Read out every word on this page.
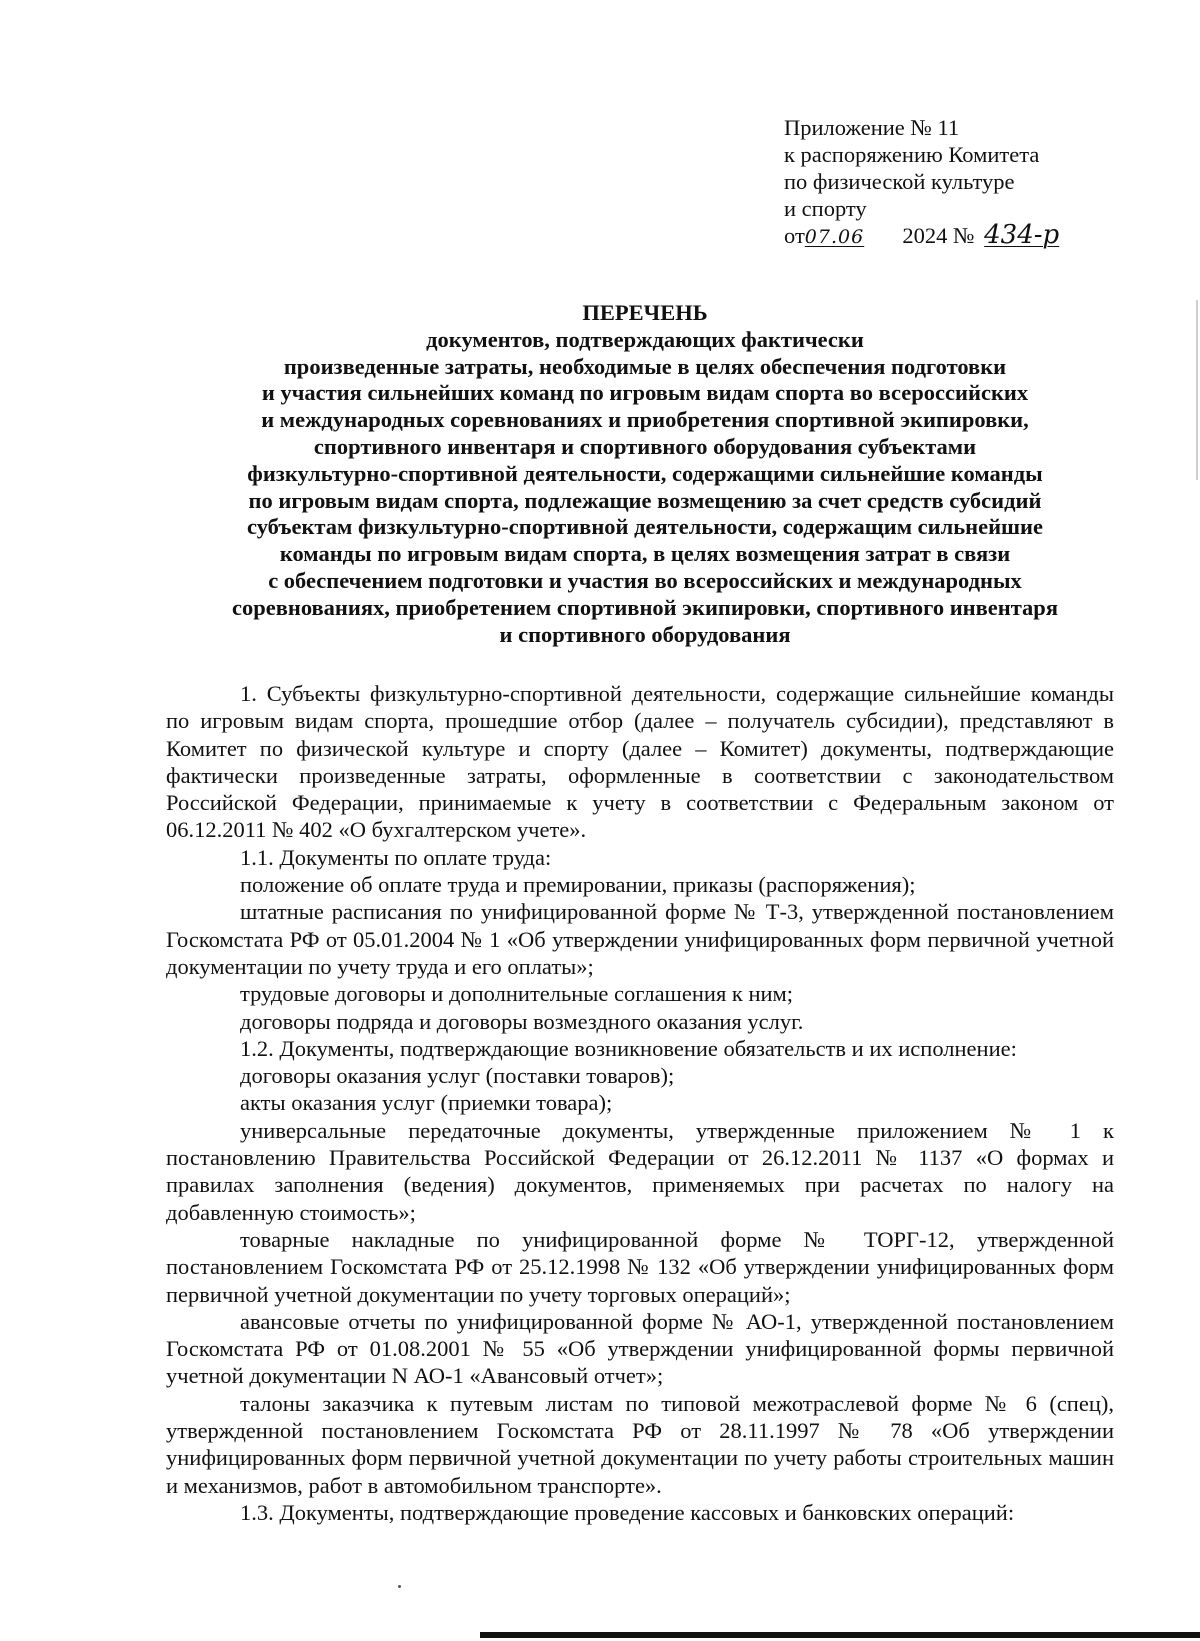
Приложение № 11
к распоряжению Комитета
по физической культуре
и спорту
от07.06 2024 № 434-р
ПЕРЕЧЕНЬ
документов, подтверждающих фактически
произведенные затраты, необходимые в целях обеспечения подготовки
и участия сильнейших команд по игровым видам спорта во всероссийских
и международных соревнованиях и приобретения спортивной экипировки,
спортивного инвентаря и спортивного оборудования субъектами
физкультурно-спортивной деятельности, содержащими сильнейшие команды
по игровым видам спорта, подлежащие возмещению за счет средств субсидий
субъектам физкультурно-спортивной деятельности, содержащим сильнейшие
команды по игровым видам спорта, в целях возмещения затрат в связи
с обеспечением подготовки и участия во всероссийских и международных
соревнованиях, приобретением спортивной экипировки, спортивного инвентаря
и спортивного оборудования

1. Субъекты физкультурно-спортивной деятельности, содержащие сильнейшие команды по игровым видам спорта, прошедшие отбор (далее – получатель субсидии), представляют в Комитет по физической культуре и спорту (далее – Комитет) документы, подтверждающие фактически произведенные затраты, оформленные в соответствии с законодательством Российской Федерации, принимаемые к учету в соответствии с Федеральным законом от 06.12.2011 № 402 «О бухгалтерском учете».

1.1. Документы по оплате труда:

положение об оплате труда и премировании, приказы (распоряжения);

штатные расписания по унифицированной форме № Т-3, утвержденной постановлением Госкомстата РФ от 05.01.2004 № 1 «Об утверждении унифицированных форм первичной учетной документации по учету труда и его оплаты»;

трудовые договоры и дополнительные соглашения к ним;

договоры подряда и договоры возмездного оказания услуг.

1.2. Документы, подтверждающие возникновение обязательств и их исполнение:

договоры оказания услуг (поставки товаров);

акты оказания услуг (приемки товара);

универсальные передаточные документы, утвержденные приложением № 1 к постановлению Правительства Российской Федерации от 26.12.2011 № 1137 «О формах и правилах заполнения (ведения) документов, применяемых при расчетах по налогу на добавленную стоимость»;

товарные накладные по унифицированной форме № ТОРГ-12, утвержденной постановлением Госкомстата РФ от 25.12.1998 № 132 «Об утверждении унифицированных форм первичной учетной документации по учету торговых операций»;

авансовые отчеты по унифицированной форме № АО-1, утвержденной постановлением Госкомстата РФ от 01.08.2001 № 55 «Об утверждении унифицированной формы первичной учетной документации N АО-1 «Авансовый отчет»;

талоны заказчика к путевым листам по типовой межотраслевой форме № 6 (спец), утвержденной постановлением Госкомстата РФ от 28.11.1997 № 78 «Об утверждении унифицированных форм первичной учетной документации по учету работы строительных машин и механизмов, работ в автомобильном транспорте».

1.3. Документы, подтверждающие проведение кассовых и банковских операций:
